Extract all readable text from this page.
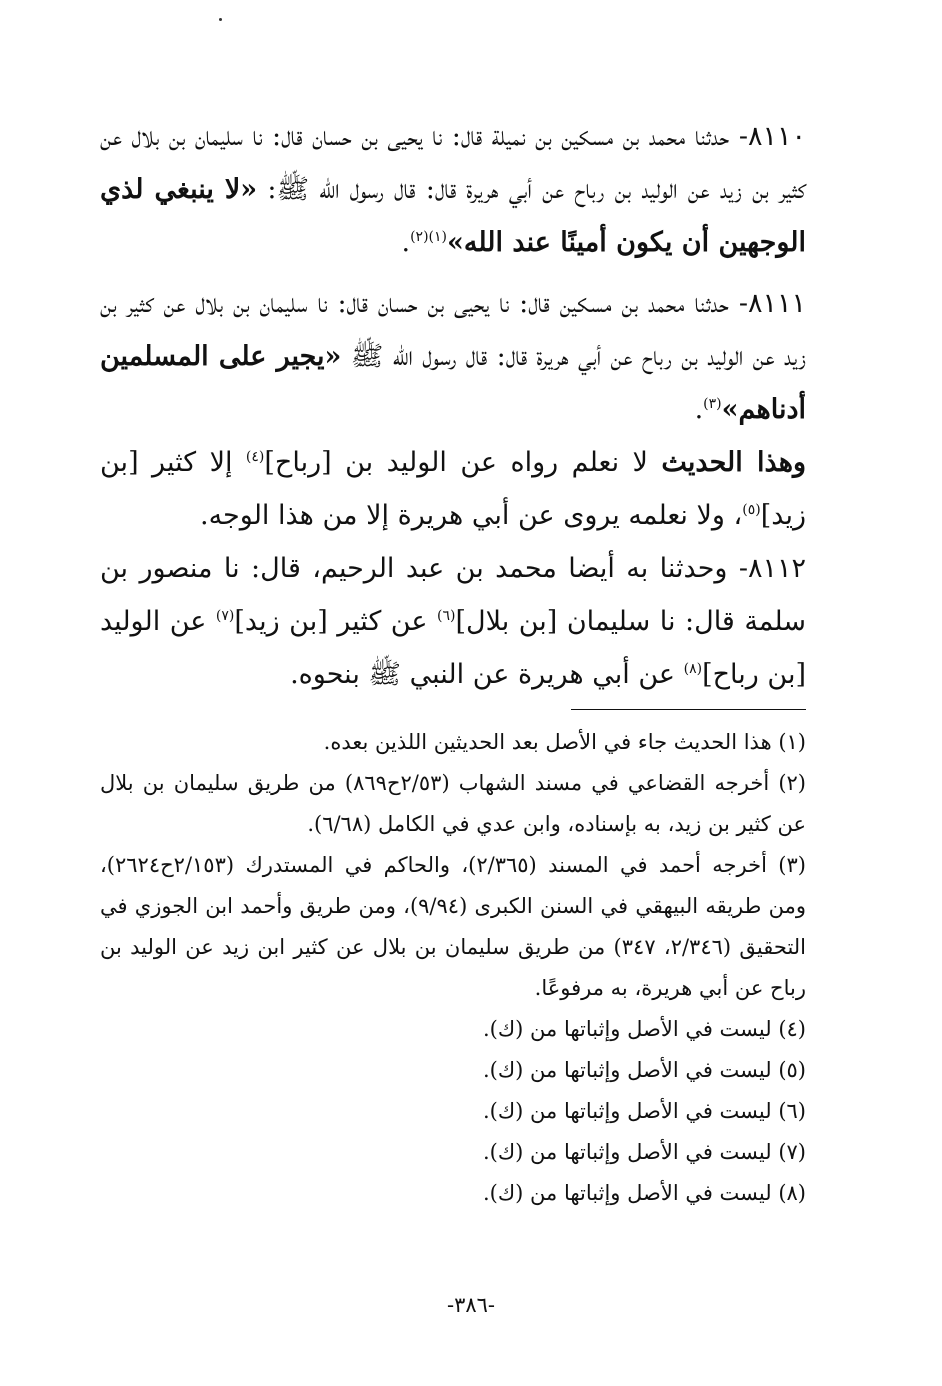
٨١١٠- حدثنا محمد بن مسكين بن نميلة قال: نا يحيى بن حسان قال: نا سليمان بن بلال عن كثير بن زيد عن الوليد بن رباح عن أبي هريرة قال: قال رسول الله ﷺ: «لا ينبغي لذي الوجهين أن يكون أمينًا عند الله»$^{(١)(٢)}$.

٨١١١- حدثنا محمد بن مسكين قال: نا يحيى بن حسان قال: نا سليمان بن بلال عن كثير بن زيد عن الوليد بن رباح عن أبي هريرة قال: قال رسول الله ﷺ «يجير على المسلمين أدناهم»$^{(٣)}$.

وهذا الحديث لا نعلم رواه عن الوليد بن [رباح]$^{(٤)}$ إلا كثير [بن زيد]$^{(٥)}$، ولا نعلمه يروى عن أبي هريرة إلا من هذا الوجه.

٨١١٢- وحدثنا به أيضا محمد بن عبد الرحيم، قال: نا منصور بن سلمة قال: نا سليمان [بن بلال]$^{(٦)}$ عن كثير [بن زيد]$^{(٧)}$ عن الوليد [بن رباح]$^{(٨)}$ عن أبي هريرة عن النبي ﷺ بنحوه.

(١) هذا الحديث جاء في الأصل بعد الحديثين اللذين بعده.
(٢) أخرجه القضاعي في مسند الشهاب (٢/٥٣ح٨٦٩) من طريق سليمان بن بلال عن كثير بن زيد، به بإسناده، وابن عدي في الكامل (٦/٦٨).
(٣) أخرجه أحمد في المسند (٢/٣٦٥)، والحاكم في المستدرك (٢/١٥٣ح٢٦٢٤)، ومن طريقه البيهقي في السنن الكبرى (٩/٩٤)، ومن طريق وأحمد ابن الجوزي في التحقيق (٢/٣٤٦، ٣٤٧) من طريق سليمان بن بلال عن كثير ابن زيد عن الوليد بن رباح عن أبي هريرة، به مرفوعًا.
(٤) ليست في الأصل وإثباتها من (ك).
(٥) ليست في الأصل وإثباتها من (ك).
(٦) ليست في الأصل وإثباتها من (ك).
(٧) ليست في الأصل وإثباتها من (ك).
(٨) ليست في الأصل وإثباتها من (ك).
-٣٨٦-
